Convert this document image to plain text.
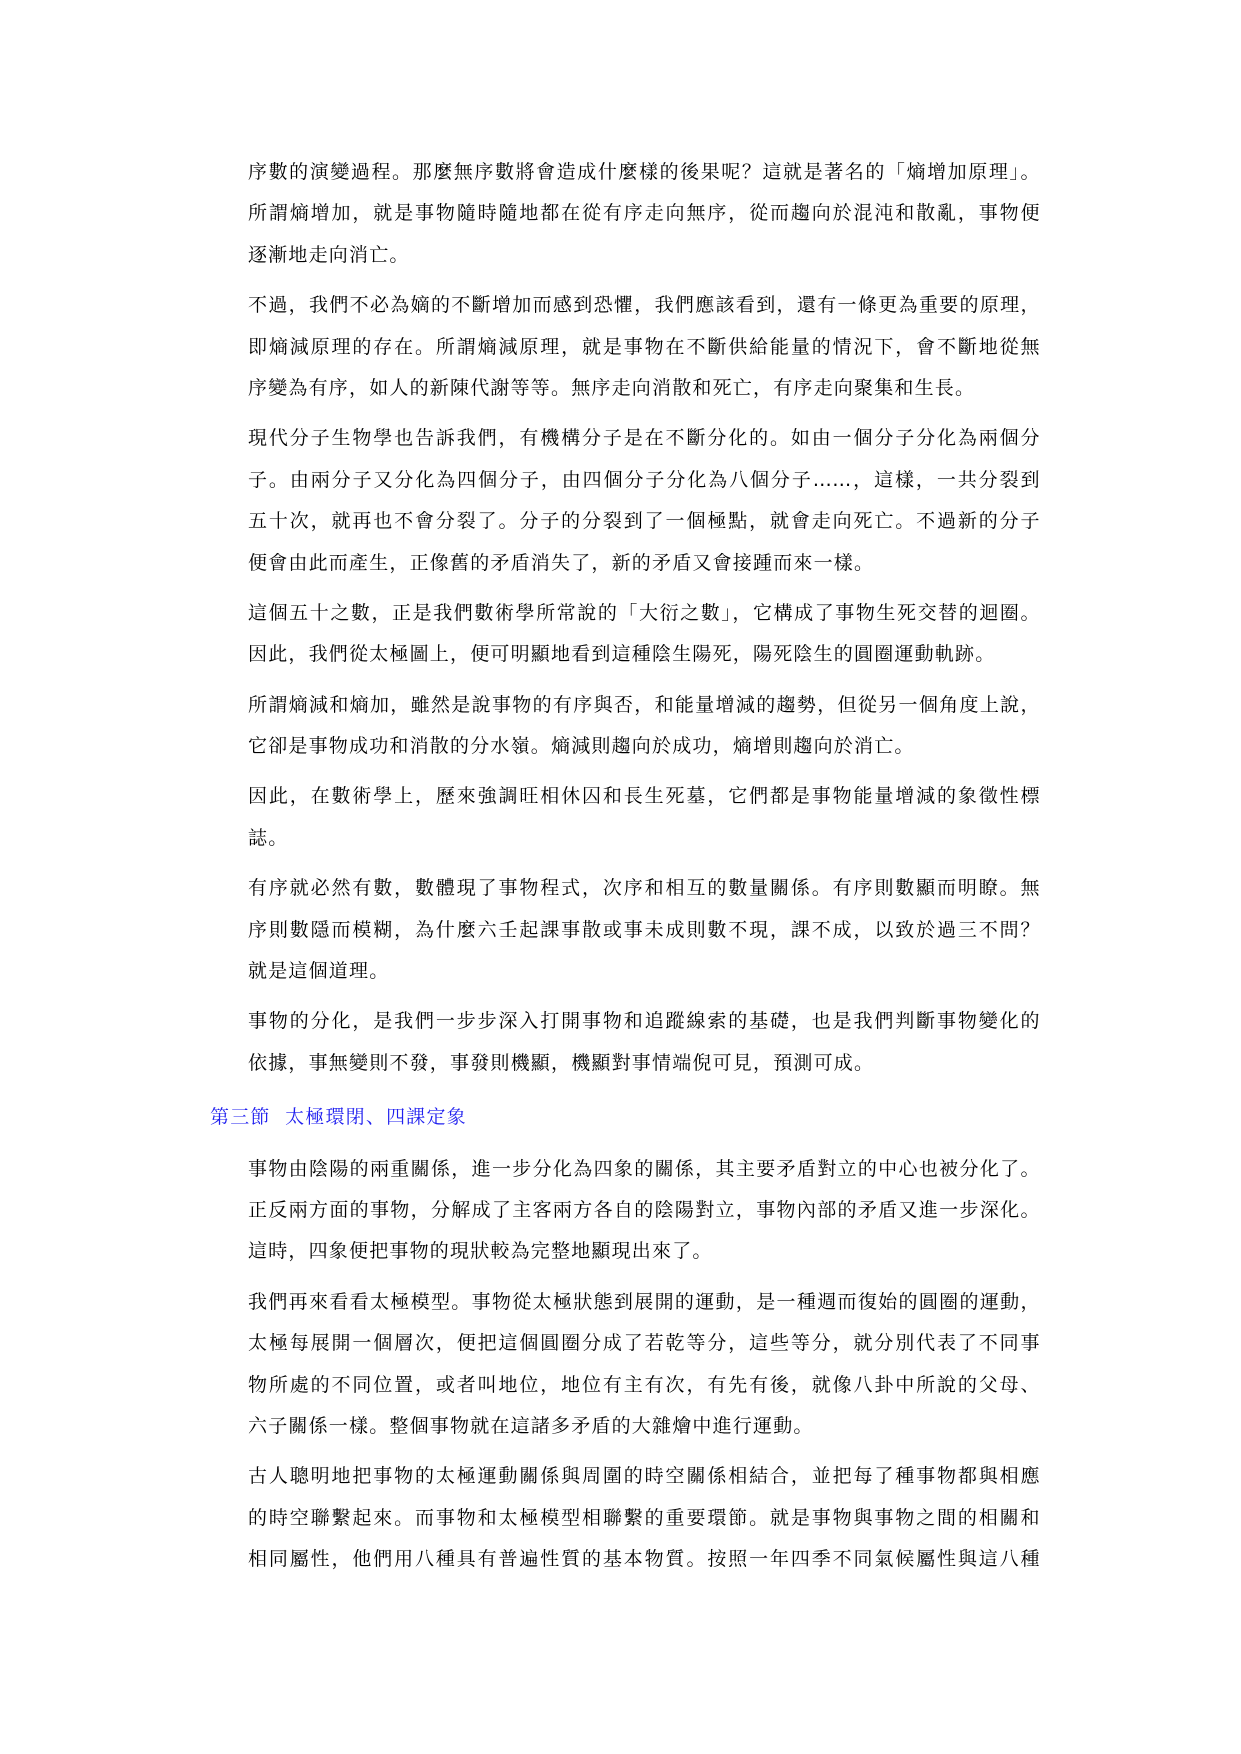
序數的演變過程。那麼無序數將會造成什麼樣的後果呢？這就是著名的「熵增加原理」。
所謂熵增加，就是事物隨時隨地都在從有序走向無序，從而趨向於混沌和散亂，事物便
逐漸地走向消亡。
不過，我們不必為嫡的不斷增加而感到恐懼，我們應該看到，還有一條更為重要的原理，
即熵減原理的存在。所謂熵減原理，就是事物在不斷供給能量的情況下，會不斷地從無
序變為有序，如人的新陳代謝等等。無序走向消散和死亡，有序走向聚集和生長。
現代分子生物學也告訴我們，有機構分子是在不斷分化的。如由一個分子分化為兩個分
子。由兩分子又分化為四個分子，由四個分子分化為八個分子……，這樣，一共分裂到
五十次，就再也不會分裂了。分子的分裂到了一個極點，就會走向死亡。不過新的分子
便會由此而產生，正像舊的矛盾消失了，新的矛盾又會接踵而來一樣。
這個五十之數，正是我們數術學所常說的「大衍之數」，它構成了事物生死交替的迴圈。
因此，我們從太極圖上，便可明顯地看到這種陰生陽死，陽死陰生的圓圈運動軌跡。
所謂熵減和熵加，雖然是說事物的有序與否，和能量增減的趨勢，但從另一個角度上說，
它卻是事物成功和消散的分水嶺。熵減則趨向於成功，熵增則趨向於消亡。
因此，在數術學上，歷來強調旺相休囚和長生死墓，它們都是事物能量增減的象徵性標
誌。
有序就必然有數，數體現了事物程式，次序和相互的數量關係。有序則數顯而明瞭。無
序則數隱而模糊，為什麼六壬起課事散或事未成則數不現，課不成，以致於過三不問？
就是這個道理。
事物的分化，是我們一步步深入打開事物和追蹤線索的基礎，也是我們判斷事物變化的
依據，事無變則不發，事發則機顯，機顯對事情端倪可見，預測可成。
第三節  太極環閉、四課定象
事物由陰陽的兩重關係，進一步分化為四象的關係，其主要矛盾對立的中心也被分化了。
正反兩方面的事物，分解成了主客兩方各自的陰陽對立，事物內部的矛盾又進一步深化。
這時，四象便把事物的現狀較為完整地顯現出來了。
我們再來看看太極模型。事物從太極狀態到展開的運動，是一種週而復始的圓圈的運動，
太極每展開一個層次，便把這個圓圈分成了若乾等分，這些等分，就分別代表了不同事
物所處的不同位置，或者叫地位，地位有主有次，有先有後，就像八卦中所說的父母、
六子關係一樣。整個事物就在這諸多矛盾的大雜燴中進行運動。
古人聰明地把事物的太極運動關係與周圍的時空關係相結合，並把每了種事物都與相應
的時空聯繫起來。而事物和太極模型相聯繫的重要環節。就是事物與事物之間的相關和
相同屬性，他們用八種具有普遍性質的基本物質。按照一年四季不同氣候屬性與這八種
